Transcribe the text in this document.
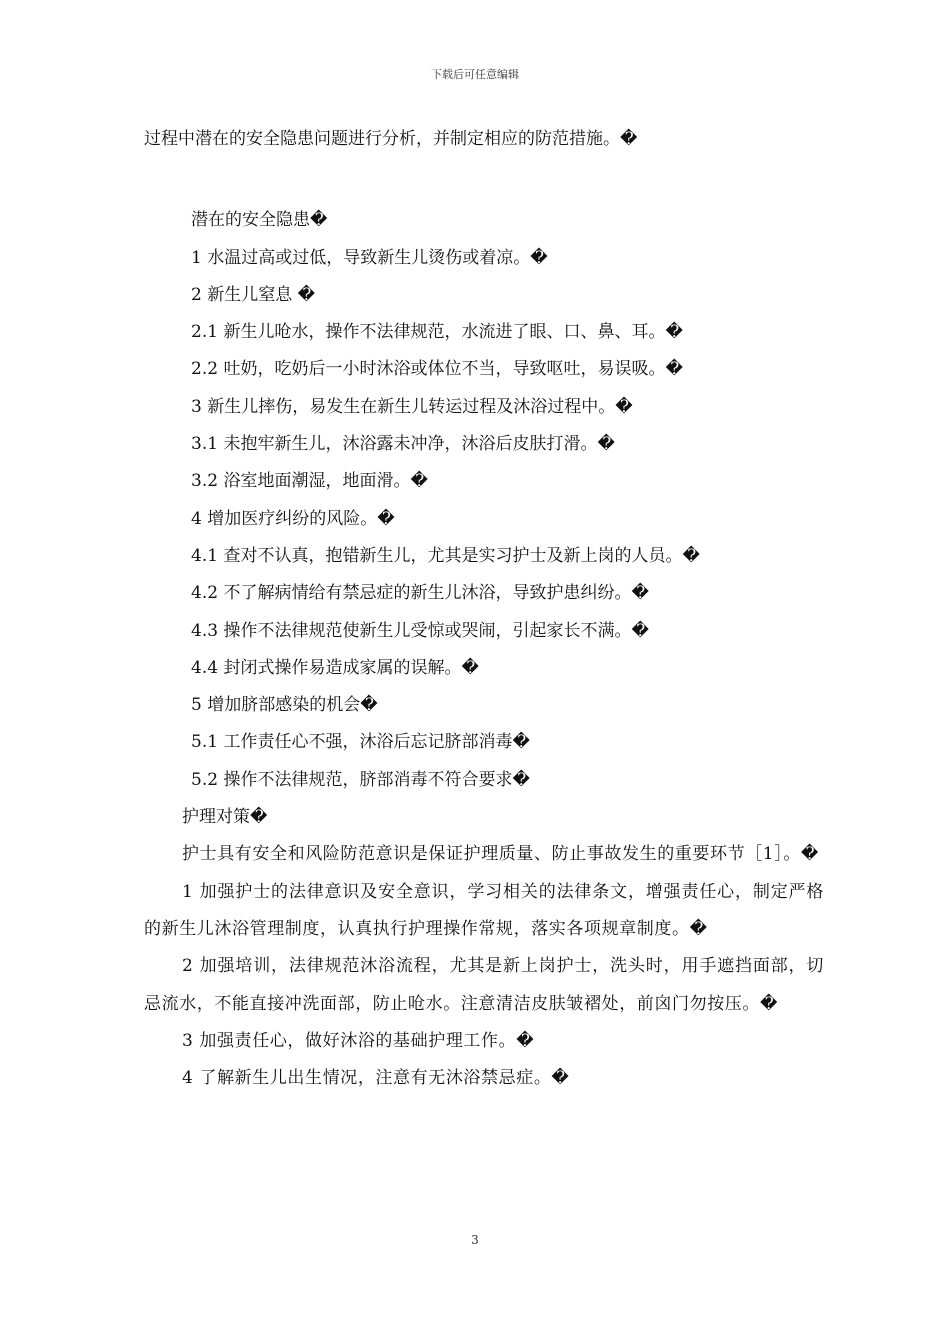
下载后可任意编辑
过程中潜在的安全隐患问题进行分析，并制定相应的防范措施。�
潜在的安全隐患�
1 水温过高或过低，导致新生儿烫伤或着凉。�
2 新生儿窒息 �
2.1 新生儿呛水，操作不法律规范，水流进了眼、口、鼻、耳。�
2.2 吐奶，吃奶后一小时沐浴或体位不当，导致呕吐，易误吸。�
3 新生儿摔伤，易发生在新生儿转运过程及沐浴过程中。�
3.1 未抱牢新生儿，沐浴露未冲净，沐浴后皮肤打滑。�
3.2 浴室地面潮湿，地面滑。�
4 增加医疗纠纷的风险。�
4.1 查对不认真，抱错新生儿，尤其是实习护士及新上岗的人员。�
4.2 不了解病情给有禁忌症的新生儿沐浴，导致护患纠纷。�
4.3 操作不法律规范使新生儿受惊或哭闹，引起家长不满。�
4.4 封闭式操作易造成家属的误解。�
5 增加脐部感染的机会�
5.1 工作责任心不强，沐浴后忘记脐部消毒�
5.2 操作不法律规范，脐部消毒不符合要求�
护理对策�
护士具有安全和风险防范意识是保证护理质量、防止事故发生的重要环节［1］。�
1 加强护士的法律意识及安全意识，学习相关的法律条文，增强责任心，制定严格的新生儿沐浴管理制度，认真执行护理操作常规，落实各项规章制度。�
2 加强培训，法律规范沐浴流程，尤其是新上岗护士，洗头时，用手遮挡面部，切忌流水，不能直接冲洗面部，防止呛水。注意清洁皮肤皱褶处，前囟门勿按压。�
3 加强责任心，做好沐浴的基础护理工作。�
4 了解新生儿出生情况，注意有无沐浴禁忌症。�
3
